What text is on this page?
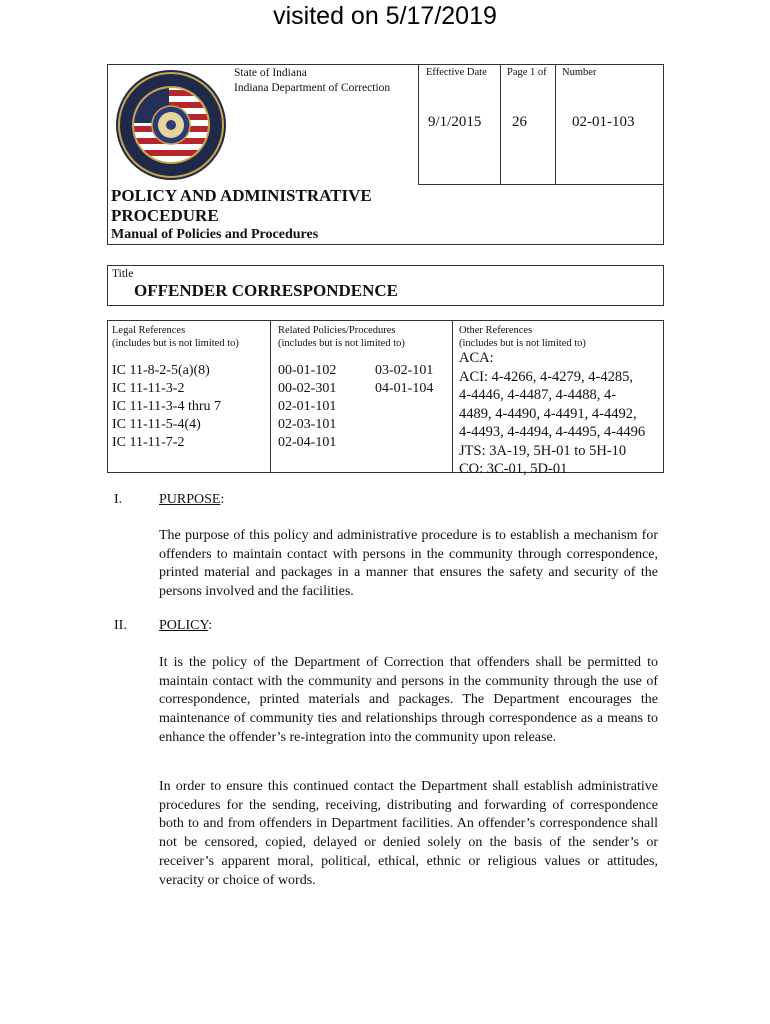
visited on 5/17/2019
State of Indiana
Indiana Department of Correction
Effective Date
9/1/2015
Page 1 of
26
Number
02-01-103
POLICY AND ADMINISTRATIVE
PROCEDURE
Manual of Policies and Procedures
Title
OFFENDER CORRESPONDENCE
Legal References
(includes but is not limited to)
IC 11-8-2-5(a)(8)
IC 11-11-3-2
IC 11-11-3-4 thru 7
IC 11-11-5-4(4)
IC 11-11-7-2
Related Policies/Procedures
(includes but is not limited to)
00-01-102
00-02-301
02-01-101
02-03-101
02-04-101
03-02-101
04-01-104
Other References
(includes but is not limited to)
ACA:
ACI: 4-4266, 4-4279, 4-4285,
4-4446, 4-4487, 4-4488, 4-
4489, 4-4490, 4-4491, 4-4492,
4-4493, 4-4494, 4-4495, 4-4496
JTS: 3A-19, 5H-01 to 5H-10
CO: 3C-01, 5D-01
I.	PURPOSE:
The purpose of this policy and administrative procedure is to establish a mechanism for offenders to maintain contact with persons in the community through correspondence, printed material and packages in a manner that ensures the safety and security of the persons involved and the facilities.
II. POLICY:
It is the policy of the Department of Correction that offenders shall be permitted to maintain contact with the community and persons in the community through the use of correspondence, printed materials and packages. The Department encourages the maintenance of community ties and relationships through correspondence as a means to enhance the offender’s re-integration into the community upon release.
In order to ensure this continued contact the Department shall establish administrative procedures for the sending, receiving, distributing and forwarding of correspondence both to and from offenders in Department facilities. An offender’s correspondence shall not be censored, copied, delayed or denied solely on the basis of the sender’s or receiver’s apparent moral, political, ethical, ethnic or religious values or attitudes, veracity or choice of words.
